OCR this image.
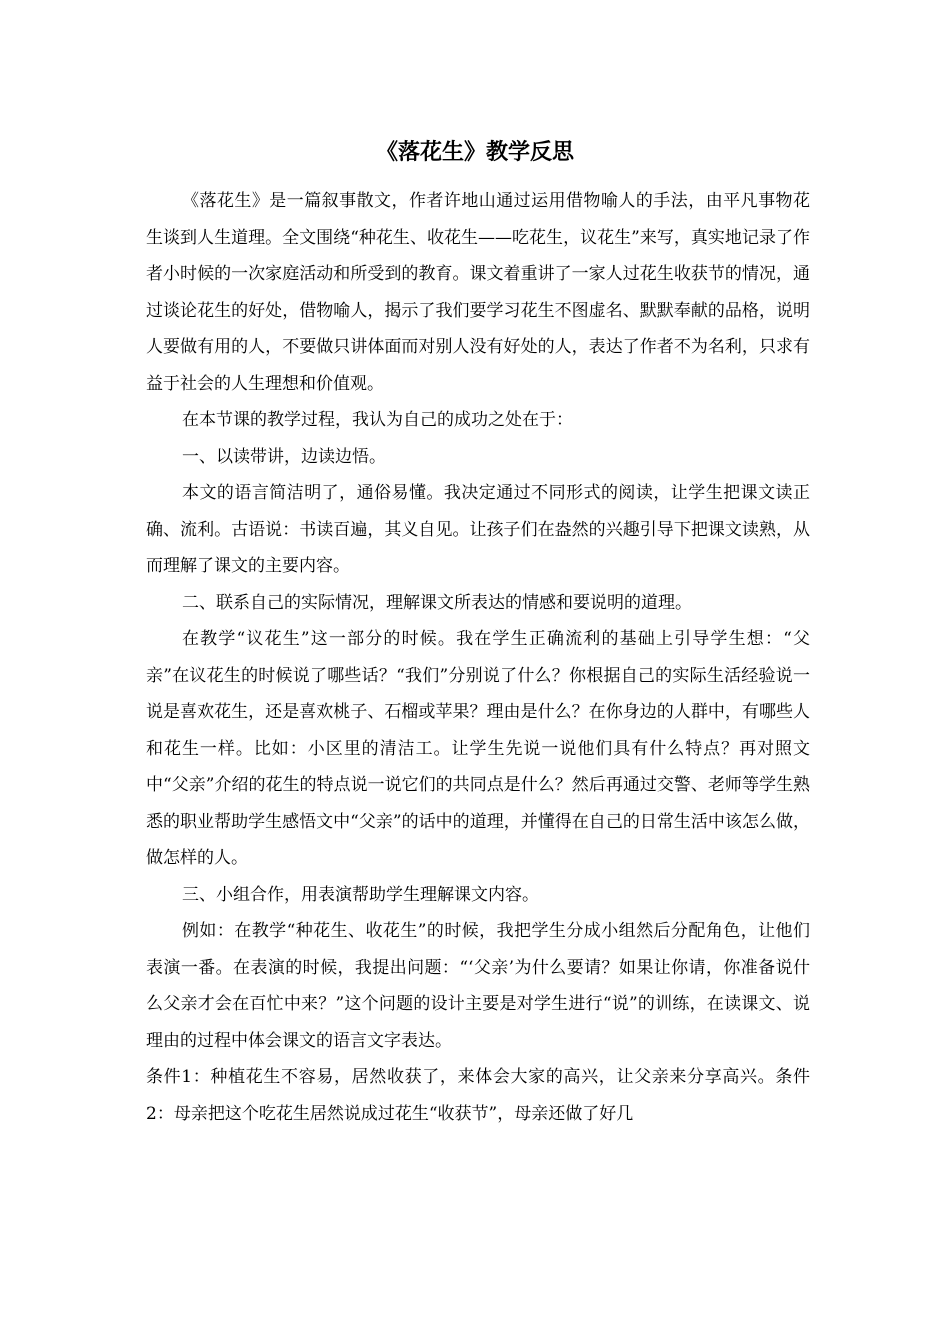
《落花生》教学反思

《落花生》是一篇叙事散文，作者许地山通过运用借物喻人的手法，由平凡事物花生谈到人生道理。全文围绕“种花生、收花生——吃花生，议花生”来写，真实地记录了作者小时候的一次家庭活动和所受到的教育。课文着重讲了一家人过花生收获节的情况，通过谈论花生的好处，借物喻人，揭示了我们要学习花生不图虚名、默默奉献的品格，说明人要做有用的人，不要做只讲体面而对别人没有好处的人，表达了作者不为名利，只求有益于社会的人生理想和价值观。

在本节课的教学过程，我认为自己的成功之处在于：

一、以读带讲，边读边悟。

本文的语言简洁明了，通俗易懂。我决定通过不同形式的阅读，让学生把课文读正确、流利。古语说：书读百遍，其义自见。让孩子们在盎然的兴趣引导下把课文读熟，从而理解了课文的主要内容。

二、联系自己的实际情况，理解课文所表达的情感和要说明的道理。

在教学“议花生”这一部分的时候。我在学生正确流利的基础上引导学生想：“父亲”在议花生的时候说了哪些话？“我们”分别说了什么？你根据自己的实际生活经验说一说是喜欢花生，还是喜欢桃子、石榴或苹果？理由是什么？在你身边的人群中，有哪些人和花生一样。比如：小区里的清洁工。让学生先说一说他们具有什么特点？再对照文中“父亲”介绍的花生的特点说一说它们的共同点是什么？然后再通过交警、老师等学生熟悉的职业帮助学生感悟文中“父亲”的话中的道理，并懂得在自己的日常生活中该怎么做，做怎样的人。

三、小组合作，用表演帮助学生理解课文内容。

例如：在教学“种花生、收花生”的时候，我把学生分成小组然后分配角色，让他们表演一番。在表演的时候，我提出问题：“‘父亲’为什么要请？如果让你请，你准备说什么父亲才会在百忙中来？”这个问题的设计主要是对学生进行“说”的训练，在读课文、说理由的过程中体会课文的语言文字表达。

条件1：种植花生不容易，居然收获了，来体会大家的高兴，让父亲来分享高兴。条件2：母亲把这个吃花生居然说成过花生“收获节”，母亲还做了好几
